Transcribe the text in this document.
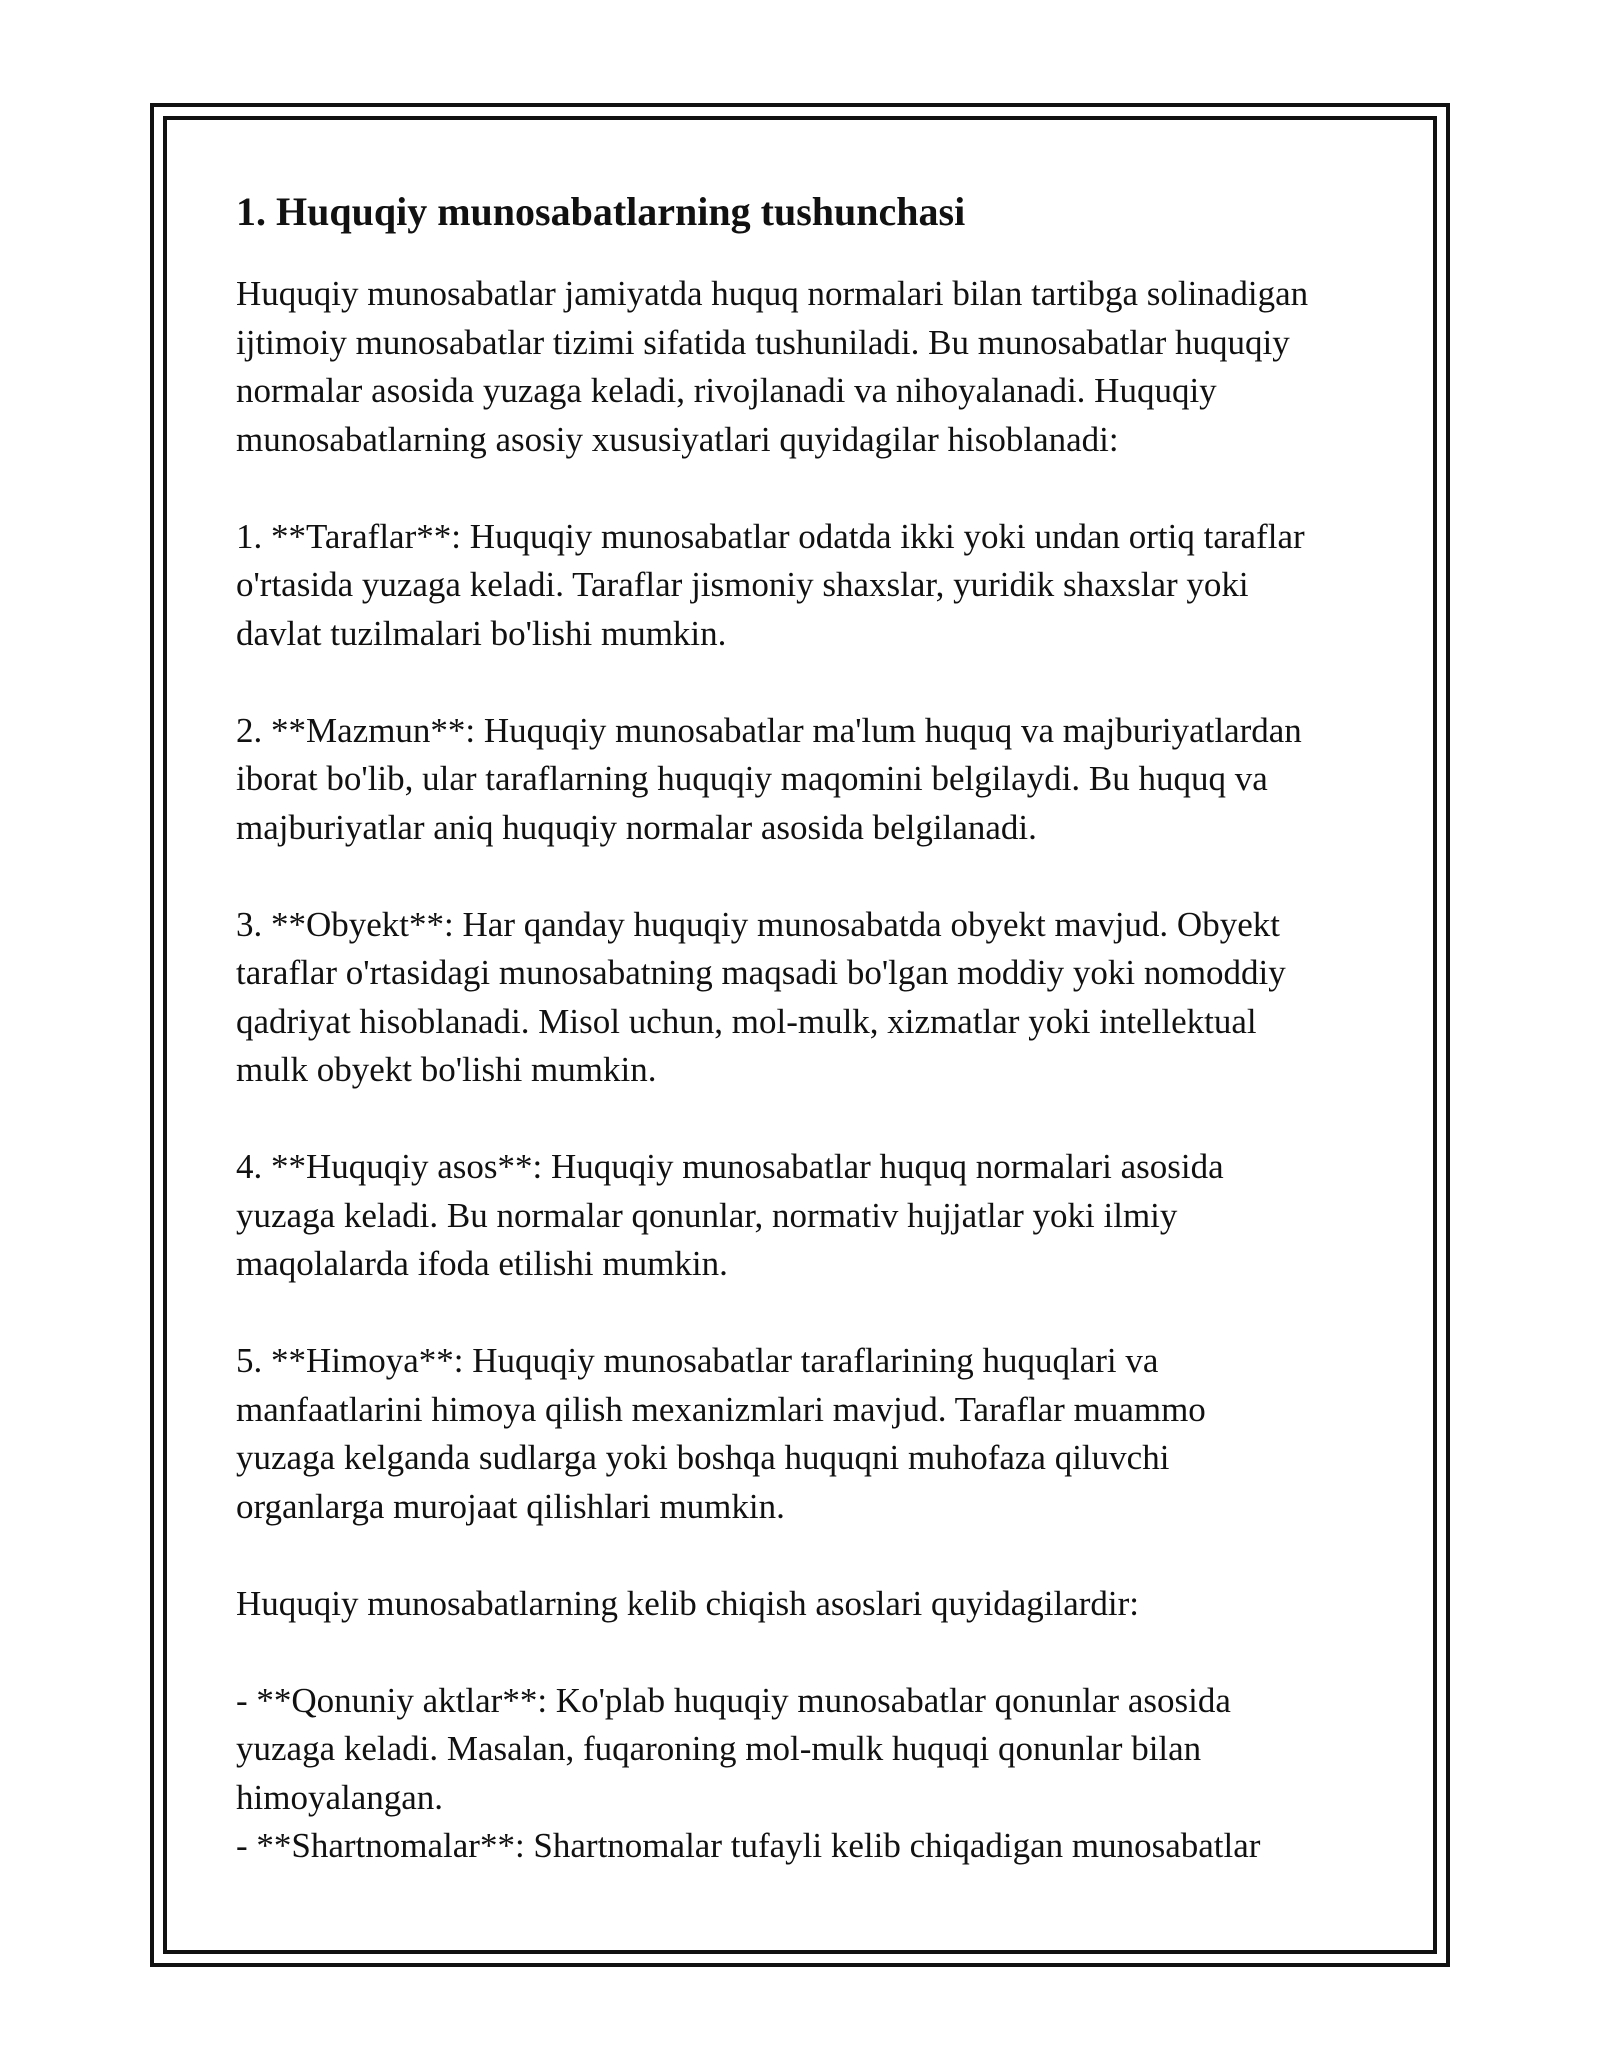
1. Huquqiy munosabatlarning tushunchasi

Huquqiy munosabatlar jamiyatda huquq normalari bilan tartibga solinadigan
ijtimoiy munosabatlar tizimi sifatida tushuniladi. Bu munosabatlar huquqiy
normalar asosida yuzaga keladi, rivojlanadi va nihoyalanadi. Huquqiy
munosabatlarning asosiy xususiyatlari quyidagilar hisoblanadi:

1. **Taraflar**: Huquqiy munosabatlar odatda ikki yoki undan ortiq taraflar
o'rtasida yuzaga keladi. Taraflar jismoniy shaxslar, yuridik shaxslar yoki
davlat tuzilmalari bo'lishi mumkin.

2. **Mazmun**: Huquqiy munosabatlar ma'lum huquq va majburiyatlardan
iborat bo'lib, ular taraflarning huquqiy maqomini belgilaydi. Bu huquq va
majburiyatlar aniq huquqiy normalar asosida belgilanadi.

3. **Obyekt**: Har qanday huquqiy munosabatda obyekt mavjud. Obyekt
taraflar o'rtasidagi munosabatning maqsadi bo'lgan moddiy yoki nomoddiy
qadriyat hisoblanadi. Misol uchun, mol-mulk, xizmatlar yoki intellektual
mulk obyekt bo'lishi mumkin.

4. **Huquqiy asos**: Huquqiy munosabatlar huquq normalari asosida
yuzaga keladi. Bu normalar qonunlar, normativ hujjatlar yoki ilmiy
maqolalarda ifoda etilishi mumkin.

5. **Himoya**: Huquqiy munosabatlar taraflarining huquqlari va
manfaatlarini himoya qilish mexanizmlari mavjud. Taraflar muammo
yuzaga kelganda sudlarga yoki boshqa huquqni muhofaza qiluvchi
organlarga murojaat qilishlari mumkin.

Huquqiy munosabatlarning kelib chiqish asoslari quyidagilardir:

- **Qonuniy aktlar**: Ko'plab huquqiy munosabatlar qonunlar asosida
yuzaga keladi. Masalan, fuqaroning mol-mulk huquqi qonunlar bilan
himoyalangan.

- **Shartnomalar**: Shartnomalar tufayli kelib chiqadigan munosabatlar
